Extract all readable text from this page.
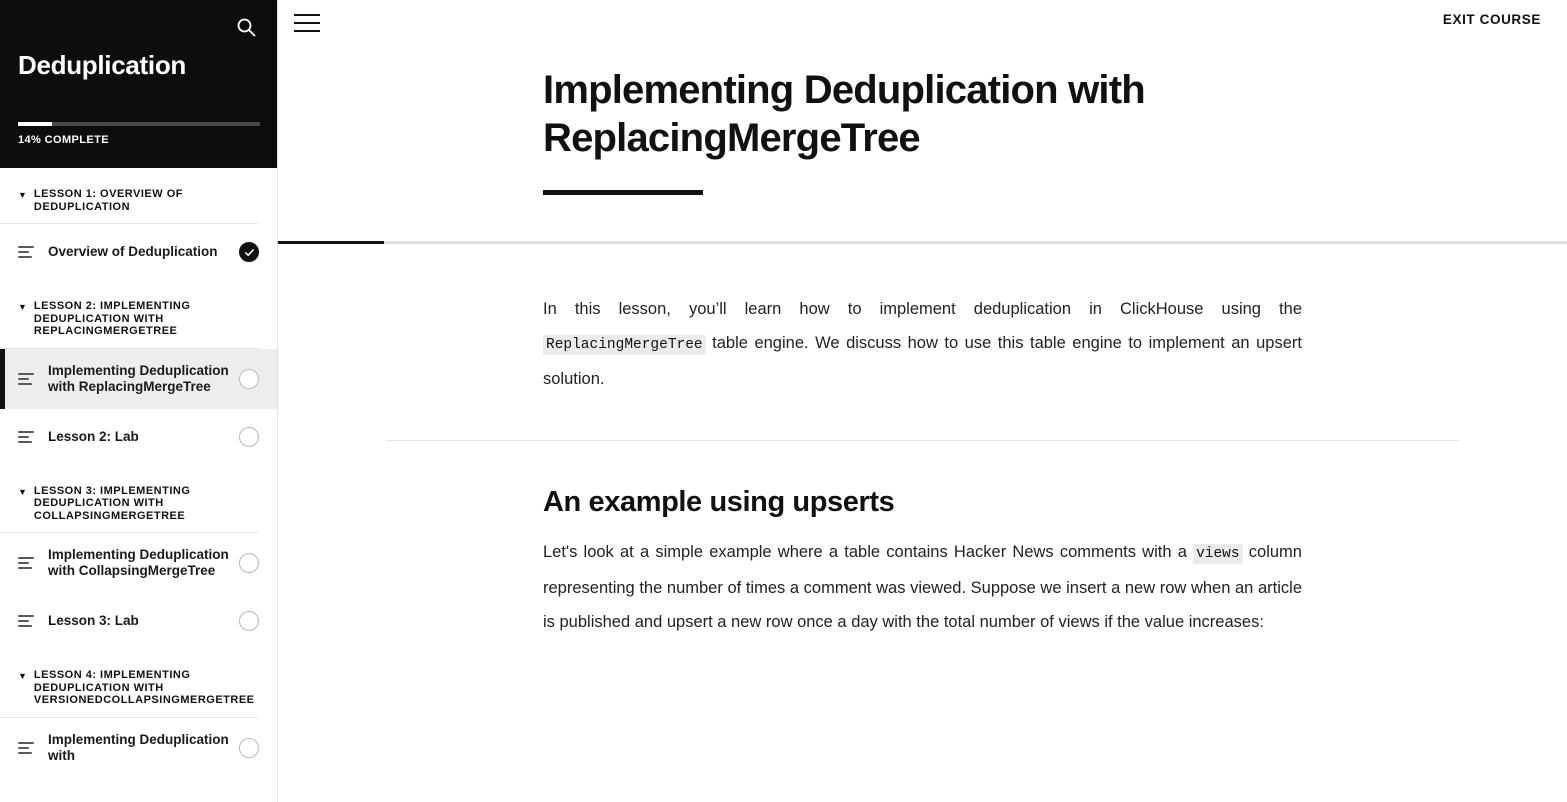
Deduplication
14% COMPLETE
▼ LESSON 1: OVERVIEW OF DEDUPLICATION
Overview of Deduplication
▼ LESSON 2: IMPLEMENTING DEDUPLICATION WITH REPLACINGMERGETREE
Implementing Deduplication with ReplacingMergeTree
Lesson 2: Lab
▼ LESSON 3: IMPLEMENTING DEDUPLICATION WITH COLLAPSINGMERGETREE
Implementing Deduplication with CollapsingMergeTree
Lesson 3: Lab
▼ LESSON 4: IMPLEMENTING DEDUPLICATION WITH VERSIONEDCOLLAPSINGMERGETREE
Implementing Deduplication with
EXIT COURSE
Implementing Deduplication with ReplacingMergeTree

In this lesson, you’ll learn how to implement deduplication in ClickHouse using the ReplacingMergeTree table engine. We discuss how to use this table engine to implement an upsert solution.

An example using upserts

Let's look at a simple example where a table contains Hacker News comments with a views column representing the number of times a comment was viewed. Suppose we insert a new row when an article is published and upsert a new row once a day with the total number of views if the value increases:
